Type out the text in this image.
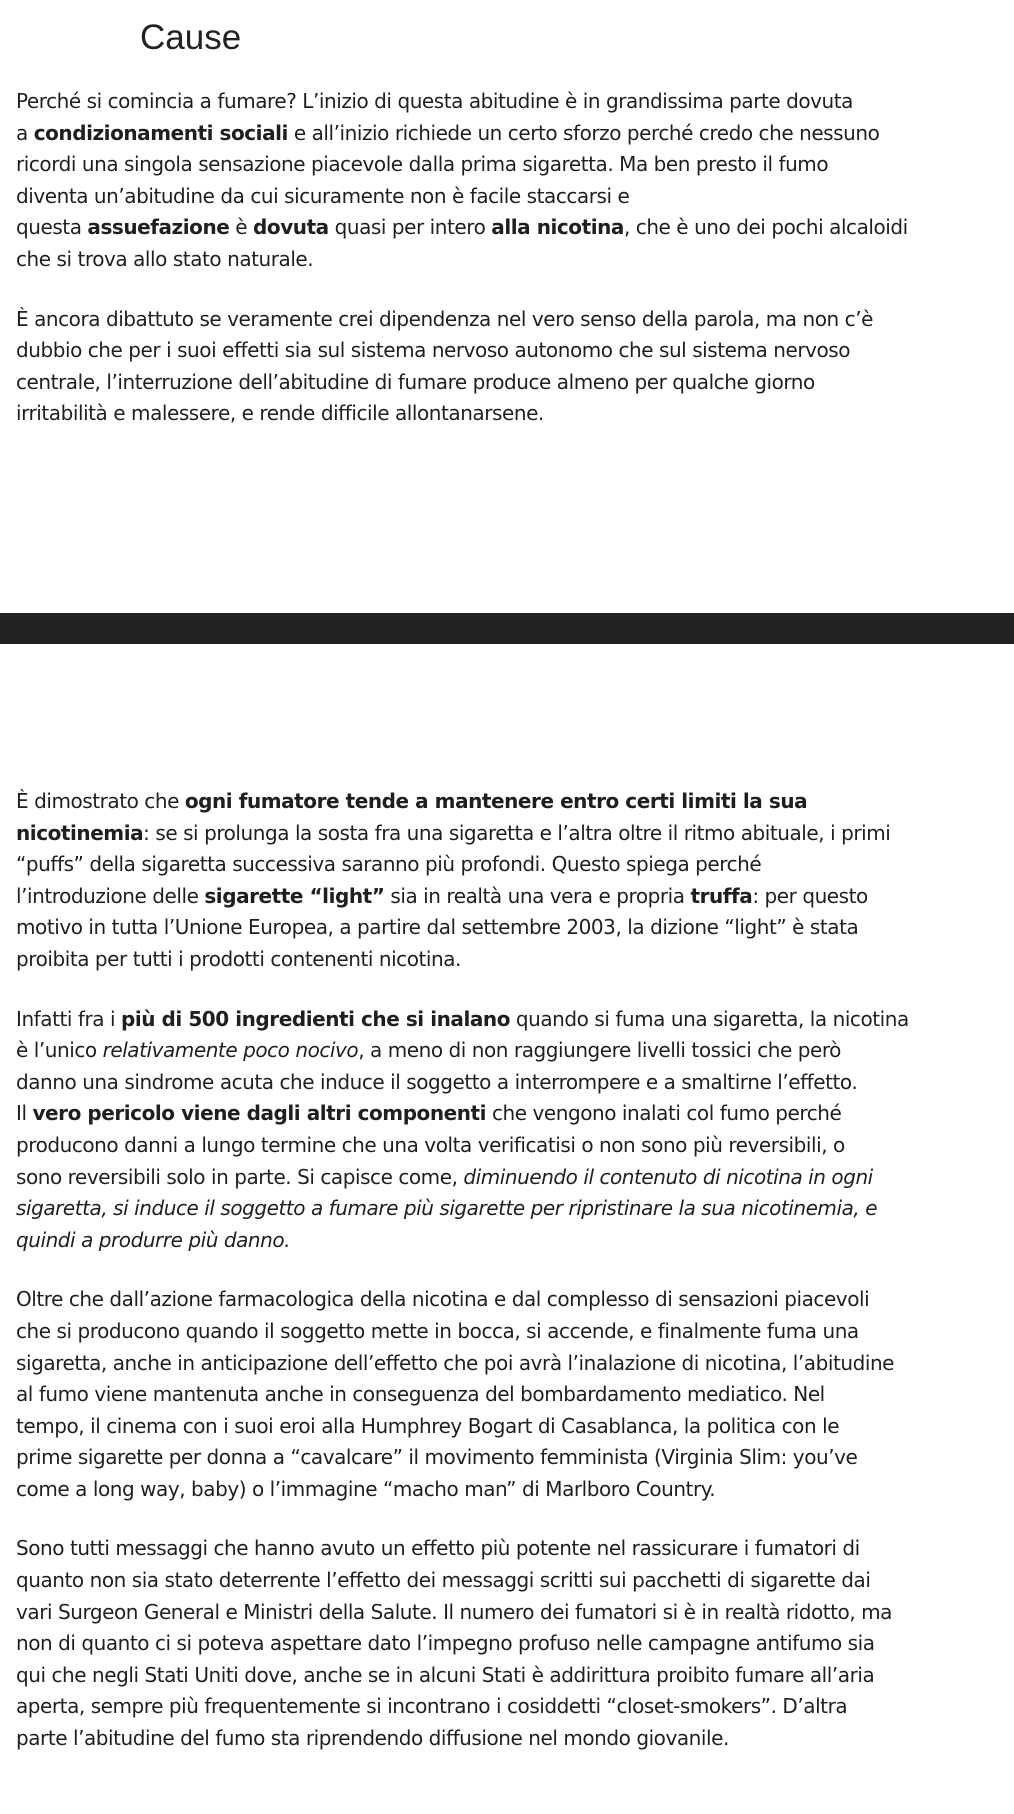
Cause

Perché si comincia a fumare? L’inizio di questa abitudine è in grandissima parte dovuta
a condizionamenti sociali e all’inizio richiede un certo sforzo perché credo che nessuno
ricordi una singola sensazione piacevole dalla prima sigaretta. Ma ben presto il fumo
diventa un’abitudine da cui sicuramente non è facile staccarsi e
questa assuefazione è dovuta quasi per intero alla nicotina, che è uno dei pochi alcaloidi
che si trova allo stato naturale.

È ancora dibattuto se veramente crei dipendenza nel vero senso della parola, ma non c’è
dubbio che per i suoi effetti sia sul sistema nervoso autonomo che sul sistema nervoso
centrale, l’interruzione dell’abitudine di fumare produce almeno per qualche giorno
irritabilità e malessere, e rende difficile allontanarsene.

È dimostrato che ogni fumatore tende a mantenere entro certi limiti la sua
nicotinemia: se si prolunga la sosta fra una sigaretta e l’altra oltre il ritmo abituale, i primi
“puffs” della sigaretta successiva saranno più profondi. Questo spiega perché
l’introduzione delle sigarette “light” sia in realtà una vera e propria truffa: per questo
motivo in tutta l’Unione Europea, a partire dal settembre 2003, la dizione “light” è stata
proibita per tutti i prodotti contenenti nicotina.

Infatti fra i più di 500 ingredienti che si inalano quando si fuma una sigaretta, la nicotina
è l’unico relativamente poco nocivo, a meno di non raggiungere livelli tossici che però
danno una sindrome acuta che induce il soggetto a interrompere e a smaltirne l’effetto.
Il vero pericolo viene dagli altri componenti che vengono inalati col fumo perché
producono danni a lungo termine che una volta verificatisi o non sono più reversibili, o
sono reversibili solo in parte. Si capisce come, diminuendo il contenuto di nicotina in ogni
sigaretta, si induce il soggetto a fumare più sigarette per ripristinare la sua nicotinemia, e
quindi a produrre più danno.

Oltre che dall’azione farmacologica della nicotina e dal complesso di sensazioni piacevoli
che si producono quando il soggetto mette in bocca, si accende, e finalmente fuma una
sigaretta, anche in anticipazione dell’effetto che poi avrà l’inalazione di nicotina, l’abitudine
al fumo viene mantenuta anche in conseguenza del bombardamento mediatico. Nel
tempo, il cinema con i suoi eroi alla Humphrey Bogart di Casablanca, la politica con le
prime sigarette per donna a “cavalcare” il movimento femminista (Virginia Slim: you’ve
come a long way, baby) o l’immagine “macho man” di Marlboro Country.

Sono tutti messaggi che hanno avuto un effetto più potente nel rassicurare i fumatori di
quanto non sia stato deterrente l’effetto dei messaggi scritti sui pacchetti di sigarette dai
vari Surgeon General e Ministri della Salute. Il numero dei fumatori si è in realtà ridotto, ma
non di quanto ci si poteva aspettare dato l’impegno profuso nelle campagne antifumo sia
qui che negli Stati Uniti dove, anche se in alcuni Stati è addirittura proibito fumare all’aria
aperta, sempre più frequentemente si incontrano i cosiddetti “closet-smokers”. D’altra
parte l’abitudine del fumo sta riprendendo diffusione nel mondo giovanile.
